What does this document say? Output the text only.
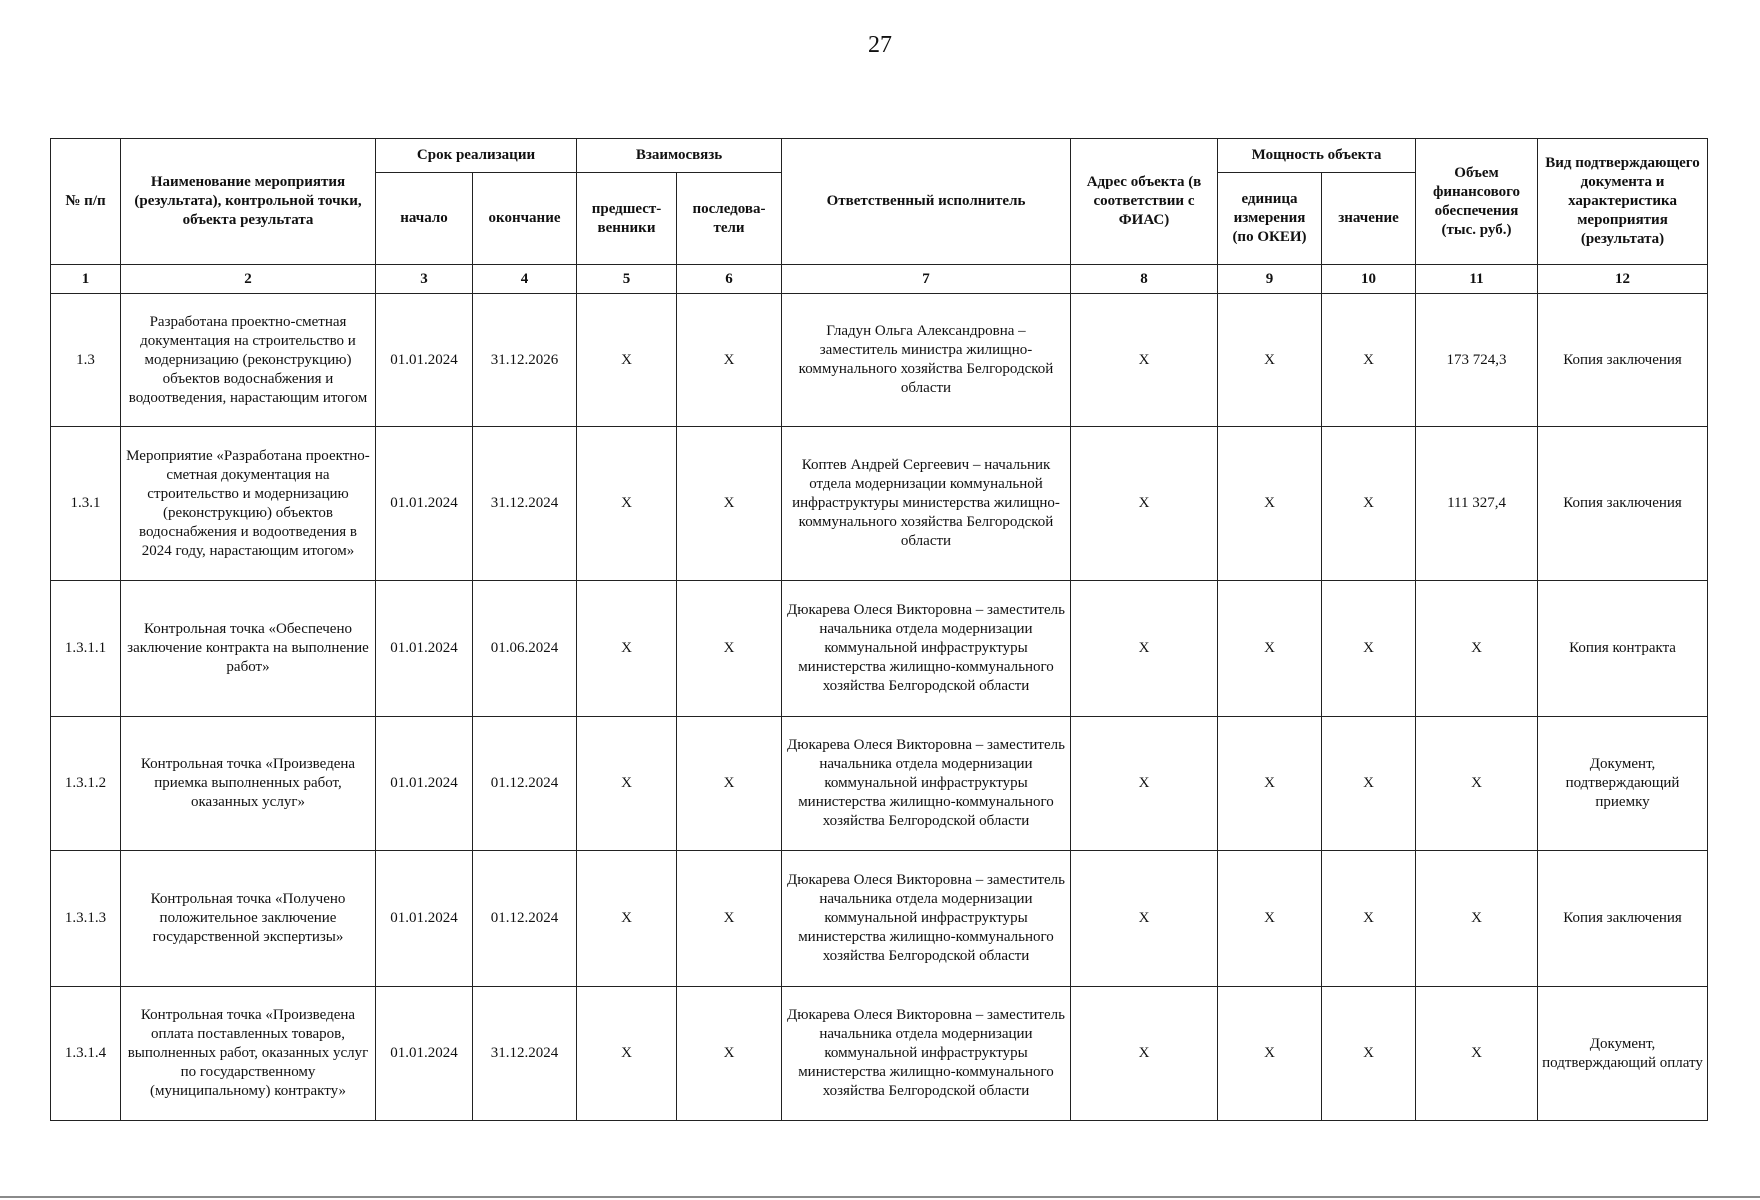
27
№ п/п	Наименование мероприятия (результата), контрольной точки, объекта результата	Срок реализации		Взаимосвязь		Ответственный исполнитель	Адрес объекта (в соответствии с ФИАС)	Мощность объекта		Объем финансового обеспечения (тыс. руб.)	Вид подтверждающего документа и характеристика мероприятия (результата)
		начало	окончание	предшест-венники	последова-тели			единица измерения (по ОКЕИ)	значение		
1	2	3	4	5	6	7	8	9	10	11	12
1.3	Разработана проектно-сметная документация на строительство и модернизацию (реконструкцию) объектов водоснабжения и водоотведения, нарастающим итогом	01.01.2024	31.12.2026	X	X	Гладун Ольга Александровна – заместитель министра жилищно-коммунального хозяйства Белгородской области	X	X	X	173 724,3	Копия заключения
1.3.1	Мероприятие «Разработана проектно-сметная документация на строительство и модернизацию (реконструкцию) объектов водоснабжения и водоотведения в 2024 году, нарастающим итогом»	01.01.2024	31.12.2024	X	X	Коптев Андрей Сергеевич – начальник отдела модернизации коммунальной инфраструктуры министерства жилищно-коммунального хозяйства Белгородской области	X	X	X	111 327,4	Копия заключения
1.3.1.1	Контрольная точка «Обеспечено заключение контракта на выполнение работ»	01.01.2024	01.06.2024	X	X	Дюкарева Олеся Викторовна – заместитель начальника отдела модернизации коммунальной инфраструктуры министерства жилищно-коммунального хозяйства Белгородской области	X	X	X	X	Копия контракта
1.3.1.2	Контрольная точка «Произведена приемка выполненных работ, оказанных услуг»	01.01.2024	01.12.2024	X	X	Дюкарева Олеся Викторовна – заместитель начальника отдела модернизации коммунальной инфраструктуры министерства жилищно-коммунального хозяйства Белгородской области	X	X	X	X	Документ, подтверждающий приемку
1.3.1.3	Контрольная точка «Получено положительное заключение государственной экспертизы»	01.01.2024	01.12.2024	X	X	Дюкарева Олеся Викторовна – заместитель начальника отдела модернизации коммунальной инфраструктуры министерства жилищно-коммунального хозяйства Белгородской области	X	X	X	X	Копия заключения
1.3.1.4	Контрольная точка «Произведена оплата поставленных товаров, выполненных работ, оказанных услуг по государственному (муниципальному) контракту»	01.01.2024	31.12.2024	X	X	Дюкарева Олеся Викторовна – заместитель начальника отдела модернизации коммунальной инфраструктуры министерства жилищно-коммунального хозяйства Белгородской области	X	X	X	X	Документ, подтверждающий оплату
